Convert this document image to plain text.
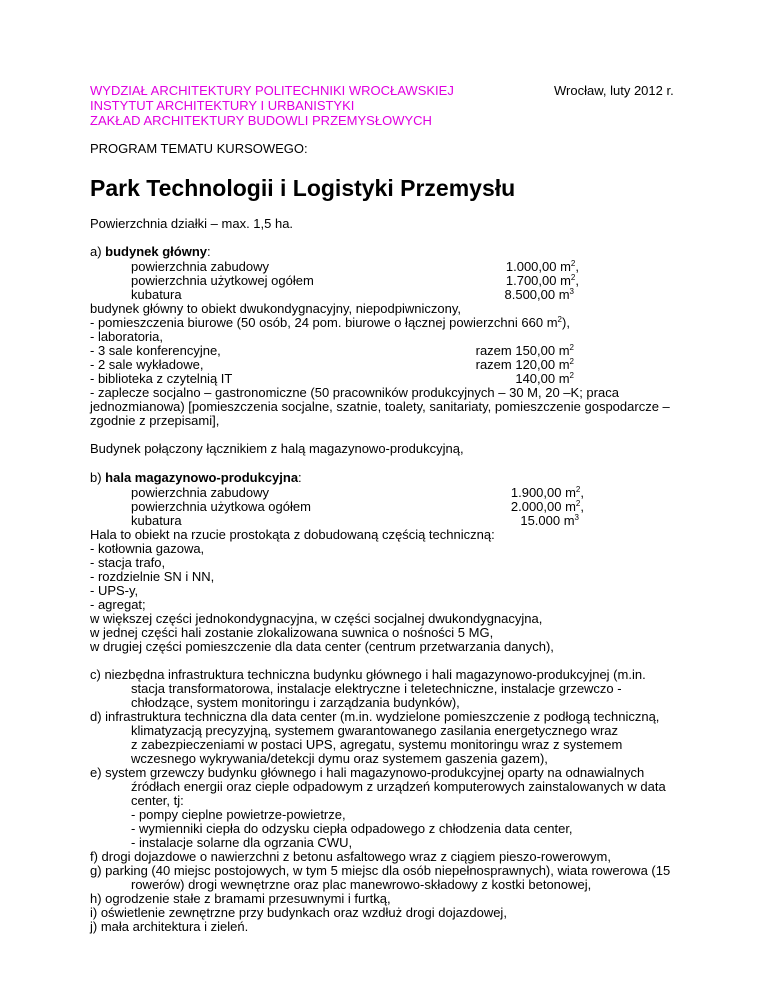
WYDZIAŁ ARCHITEKTURY POLITECHNIKI WROCŁAWSKIEJ
INSTYTUT ARCHITEKTURY I URBANISTYKI
ZAKŁAD ARCHITEKTURY BUDOWLI PRZEMYSŁOWYCH
Wrocław, luty 2012 r.
PROGRAM TEMATU KURSOWEGO:
Park Technologii i Logistyki Przemysłu
Powierzchnia działki – max. 1,5 ha.
a) budynek główny:
powierzchnia zabudowy	1.000,00 $m^2$,
powierzchnia użytkowej ogółem	1.700,00 $m^2$,
kubatura	8.500,00 $m^3$
budynek główny to obiekt dwukondygnacyjny, niepodpiwniczony,
- pomieszczenia biurowe (50 osób, 24 pom. biurowe o łącznej powierzchni 660 $m^2$),
- laboratoria,
- 3 sale konferencyjne,	razem 150,00 $m^2$
- 2 sale wykładowe,	razem 120,00 $m^2$
- biblioteka z czytelnią IT	140,00 $m^2$
- zaplecze socjalno – gastronomiczne (50 pracowników produkcyjnych – 30 M, 20 –K; praca
jednozmianowa) [pomieszczenia socjalne, szatnie, toalety, sanitariaty, pomieszczenie gospodarcze –
zgodnie z przepisami],
Budynek połączony łącznikiem z halą magazynowo-produkcyjną,
b) hala magazynowo-produkcyjna:
powierzchnia zabudowy	1.900,00 $m^2$,
powierzchnia użytkowa ogółem	2.000,00 $m^2$,
kubatura	15.000 $m^3$
Hala to obiekt na rzucie prostokąta z dobudowaną częścią techniczną:
- kotłownia gazowa,
- stacja trafo,
- rozdzielnie SN i NN,
- UPS-y,
- agregat;
w większej części jednokondygnacyjna, w części socjalnej dwukondygnacyjna,
w jednej części hali zostanie zlokalizowana suwnica o nośności 5 MG,
w drugiej części pomieszczenie dla data center (centrum przetwarzania danych),
c) niezbędna infrastruktura techniczna budynku głównego i hali magazynowo-produkcyjnej (m.in.
stacja transformatorowa, instalacje elektryczne i teletechniczne, instalacje grzewczo -
chłodzące, system monitoringu i zarządzania budynków),
d) infrastruktura techniczna dla data center (m.in. wydzielone pomieszczenie z podłogą techniczną,
klimatyzacją precyzyjną, systemem gwarantowanego zasilania energetycznego wraz
z zabezpieczeniami w postaci UPS, agregatu, systemu monitoringu wraz z systemem
wczesnego wykrywania/detekcji dymu oraz systemem gaszenia gazem),
e) system grzewczy budynku głównego i hali magazynowo-produkcyjnej oparty na odnawialnych
źródłach energii oraz cieple odpadowym z urządzeń komputerowych zainstalowanych w data
center, tj:
- pompy cieplne powietrze-powietrze,
- wymienniki ciepła do odzysku ciepła odpadowego z chłodzenia data center,
- instalacje solarne dla ogrzania CWU,
f) drogi dojazdowe o nawierzchni z betonu asfaltowego wraz z ciągiem pieszo-rowerowym,
g) parking (40 miejsc postojowych, w tym 5 miejsc dla osób niepełnosprawnych), wiata rowerowa (15
rowerów) drogi wewnętrzne oraz plac manewrowo-składowy z kostki betonowej,
h) ogrodzenie stałe z bramami przesuwnymi i furtką,
i) oświetlenie zewnętrzne przy budynkach oraz wzdłuż drogi dojazdowej,
j) mała architektura i zieleń.
